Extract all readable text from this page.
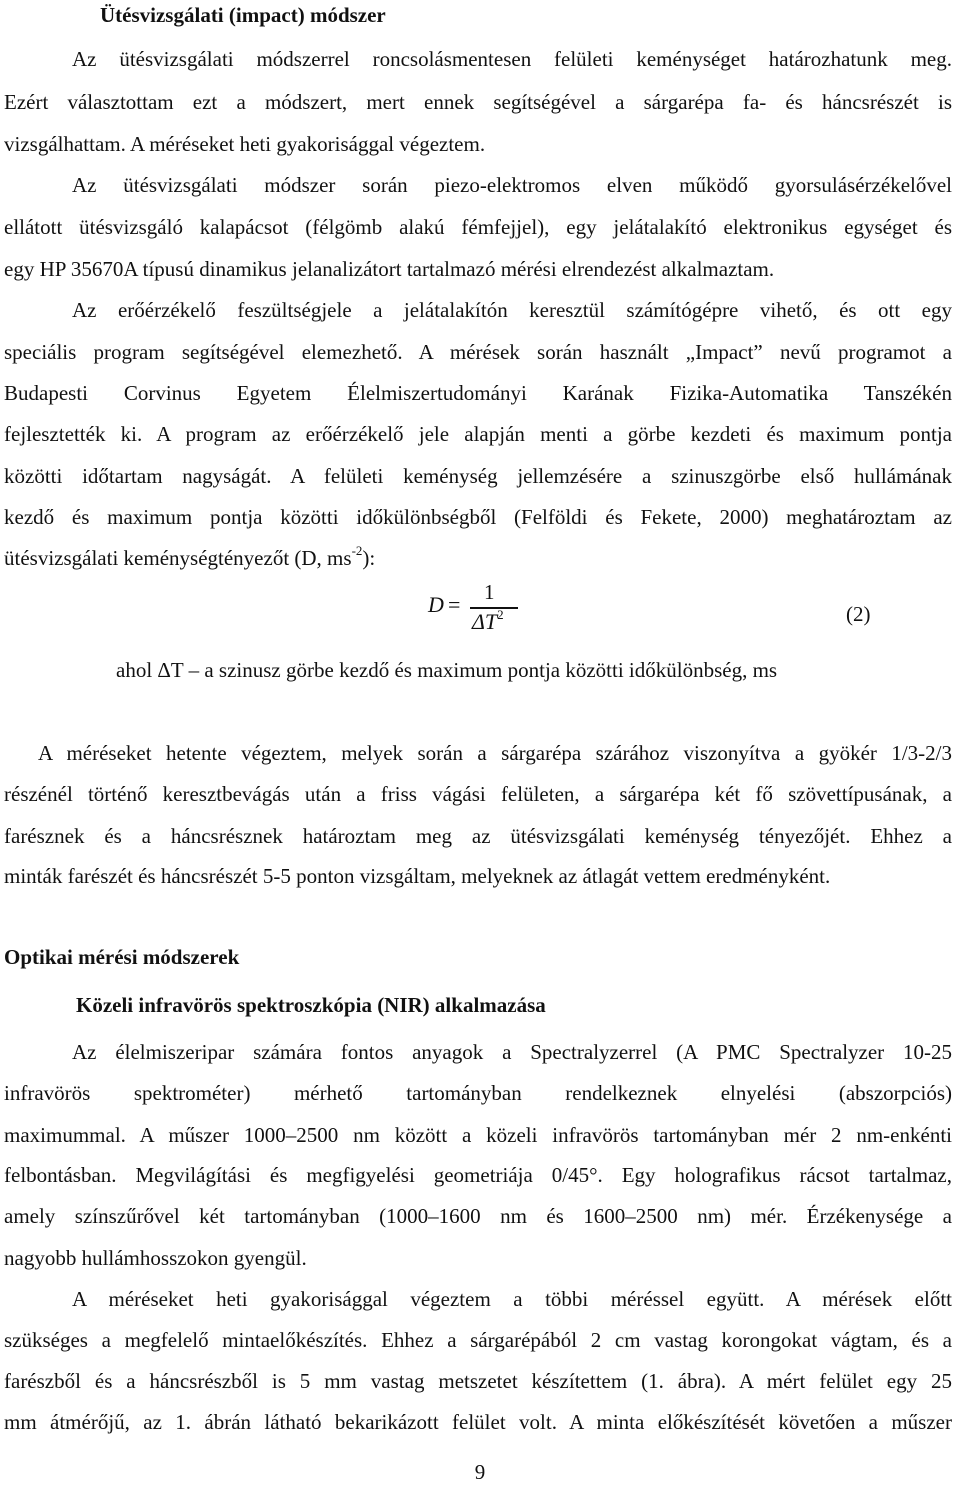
Ütésvizsgálati (impact) módszer
Az ütésvizsgálati módszerrel roncsolásmentesen felületi keménységet határozhatunk meg.
Ezért választottam ezt a módszert, mert ennek segítségével a sárgarépa fa- és háncsrészét is
vizsgálhattam. A méréseket heti gyakorisággal végeztem.
Az ütésvizsgálati módszer során piezo-elektromos elven működő gyorsulásérzékelővel
ellátott ütésvizsgáló kalapácsot (félgömb alakú fémfejjel), egy jelátalakító elektronikus egységet és
egy HP 35670A típusú dinamikus jelanalizátort tartalmazó mérési elrendezést alkalmaztam.
Az erőérzékelő feszültségjele a jelátalakítón keresztül számítógépre vihető, és ott egy
speciális program segítségével elemezhető. A mérések során használt „Impact” nevű programot a
Budapesti Corvinus Egyetem Élelmiszertudományi Karának Fizika-Automatika Tanszékén
fejlesztették ki. A program az erőérzékelő jele alapján menti a görbe kezdeti és maximum pontja
közötti időtartam nagyságát. A felületi keménység jellemzésére a szinuszgörbe első hullámának
kezdő és maximum pontja közötti időkülönbségből (Felföldi és Fekete, 2000) meghatároztam az
ütésvizsgálati keménységtényezőt (D, $ms^{-2}$):
D = 1
$\Delta T^2$	(2)
ahol ΔT – a szinusz görbe kezdő és maximum pontja közötti időkülönbség, ms
A méréseket hetente végeztem, melyek során a sárgarépa szárához viszonyítva a gyökér 1/3-2/3
részénél történő keresztbevágás után a friss vágási felületen, a sárgarépa két fő szövettípusának, a
farésznek és a háncsrésznek határoztam meg az ütésvizsgálati keménység tényezőjét. Ehhez a
minták farészét és háncsrészét 5-5 ponton vizsgáltam, melyeknek az átlagát vettem eredményként.
Optikai mérési módszerek
Közeli infravörös spektroszkópia (NIR) alkalmazása
Az élelmiszeripar számára fontos anyagok a Spectralyzerrel (A PMC Spectralyzer 10-25
infravörös spektrométer) mérhető tartományban rendelkeznek elnyelési (abszorpciós)
maximummal. A műszer 1000–2500 nm között a közeli infravörös tartományban mér 2 nm-enkénti
felbontásban. Megvilágítási és megfigyelési geometriája 0/45°. Egy holografikus rácsot tartalmaz,
amely színszűrővel két tartományban (1000–1600 nm és 1600–2500 nm) mér. Érzékenysége a
nagyobb hullámhosszokon gyengül.
A méréseket heti gyakorisággal végeztem a többi méréssel együtt. A mérések előtt
szükséges a megfelelő mintaelőkészítés. Ehhez a sárgarépából 2 cm vastag korongokat vágtam, és a
farészből és a háncsrészből is 5 mm vastag metszetet készítettem (1. ábra). A mért felület egy 25
mm átmérőjű, az 1. ábrán látható bekarikázott felület volt. A minta előkészítését követően a műszer
9
